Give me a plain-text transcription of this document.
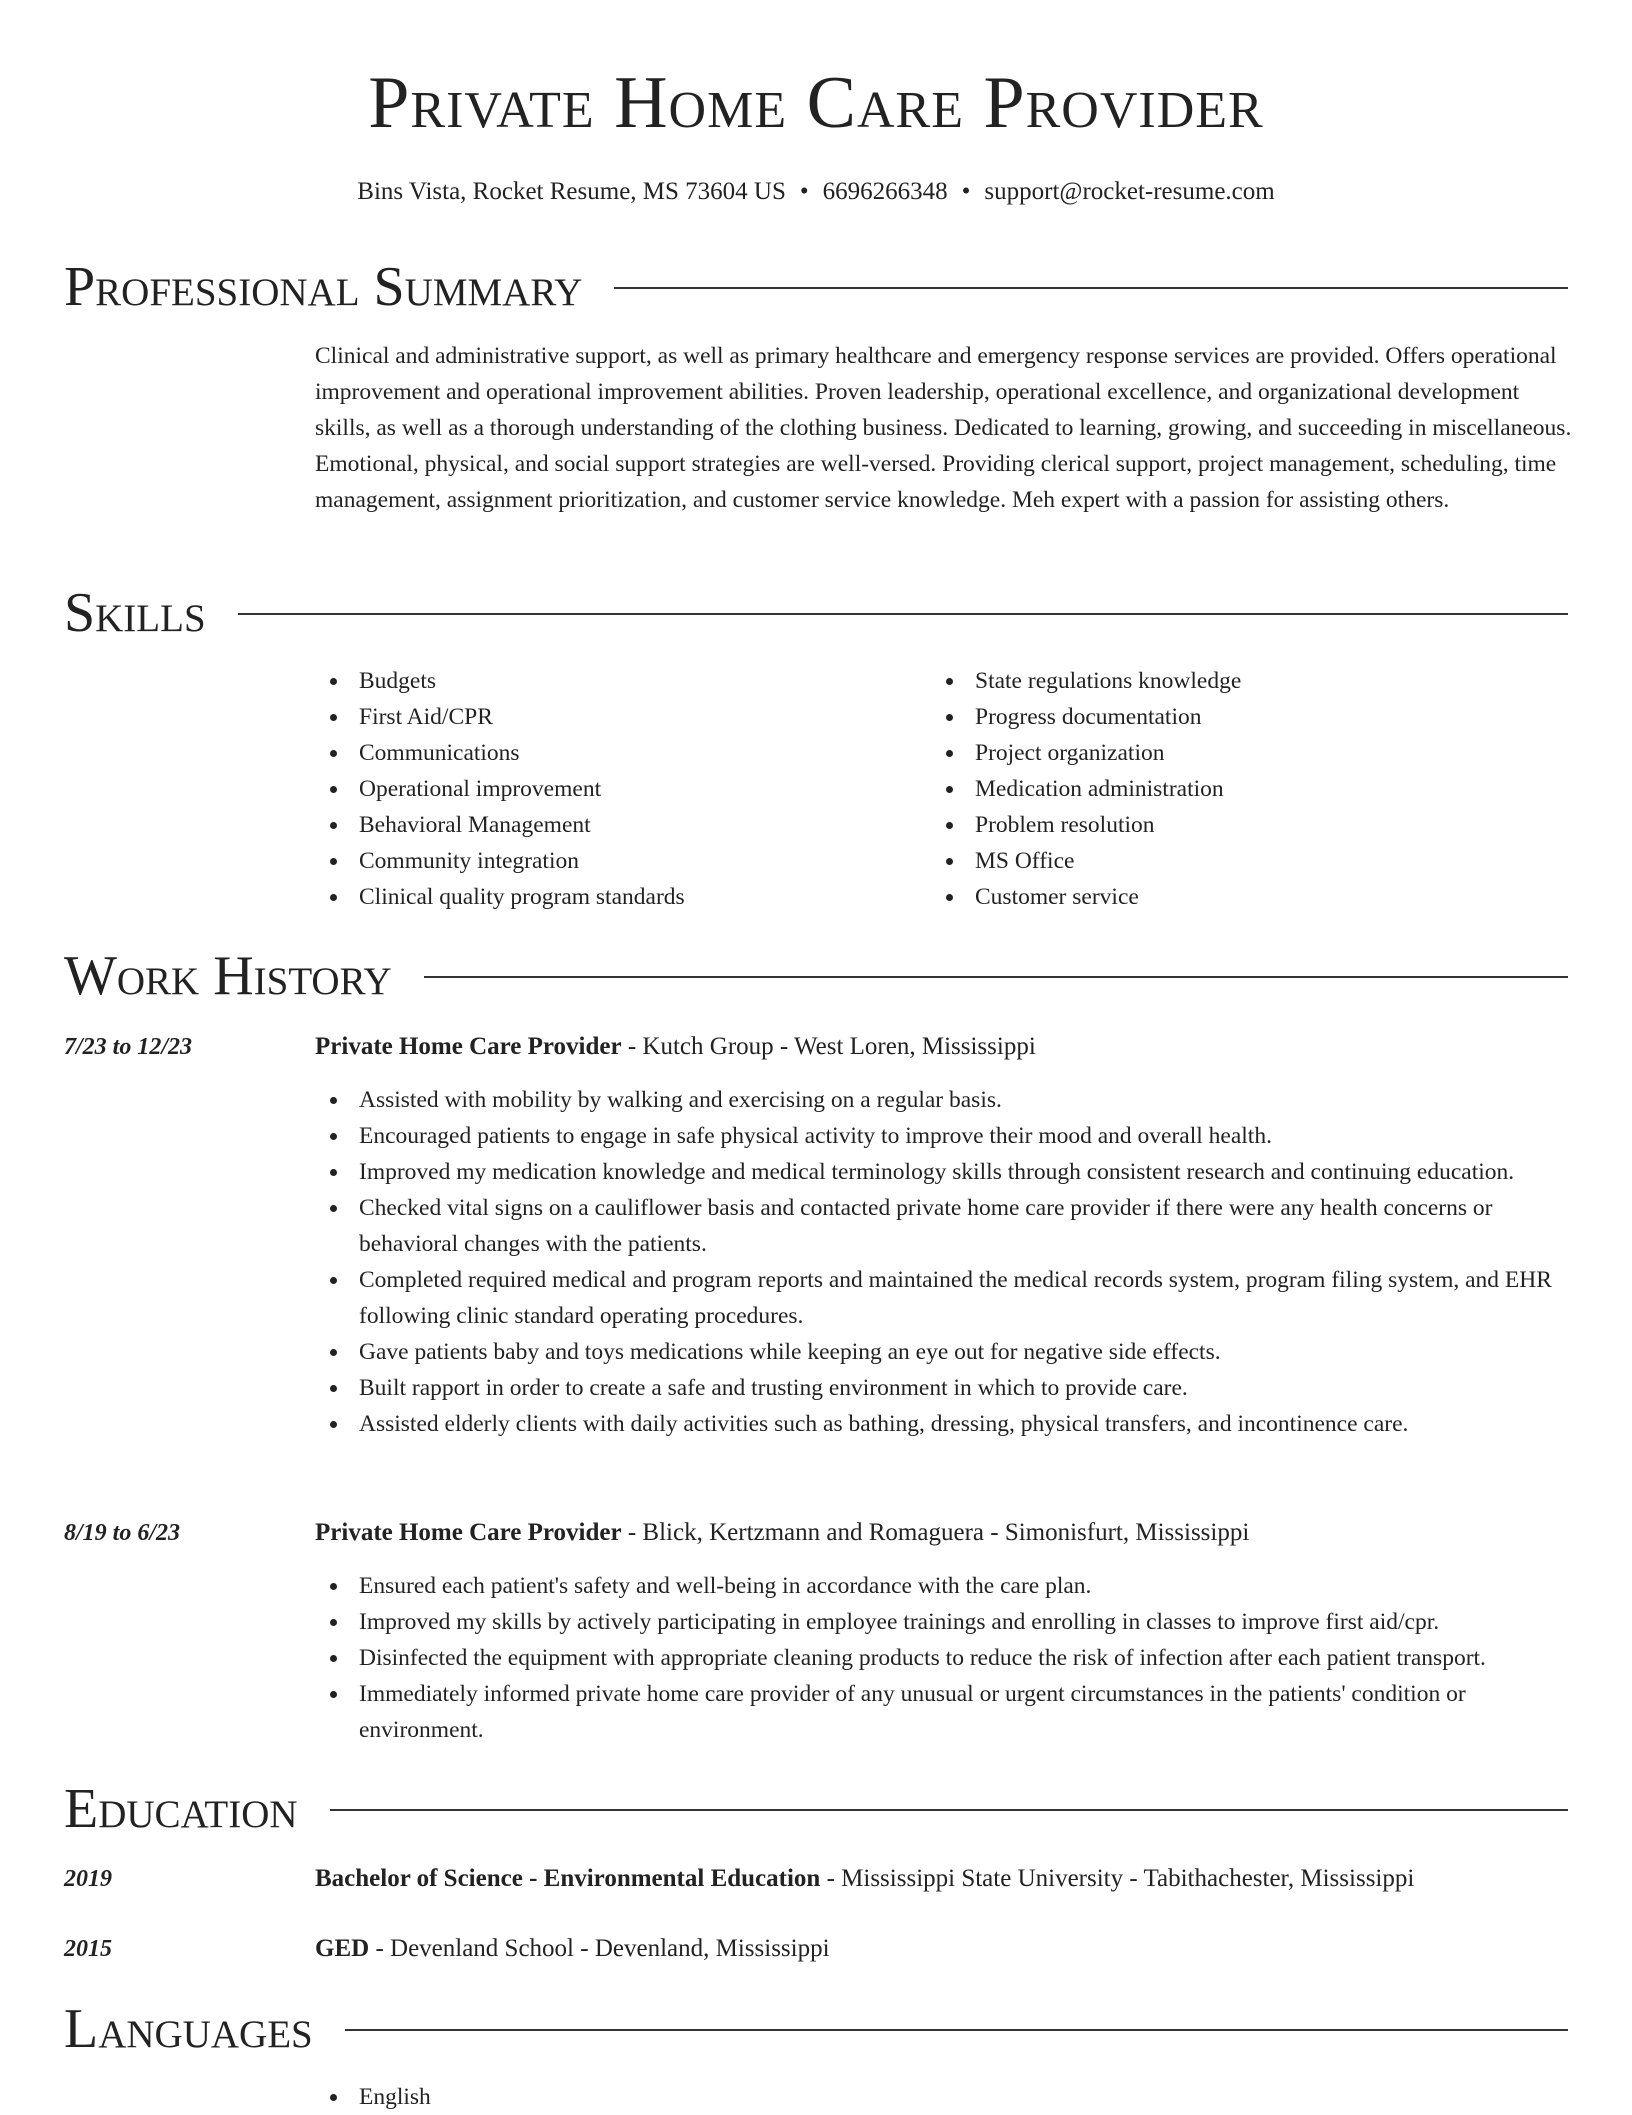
Private Home Care Provider
Bins Vista, Rocket Resume, MS 73604 US • 6696266348 • support@rocket-resume.com
Professional Summary

Clinical and administrative support, as well as primary healthcare and emergency response services are provided. Offers operational improvement and operational improvement abilities. Proven leadership, operational excellence, and organizational development skills, as well as a thorough understanding of the clothing business. Dedicated to learning, growing, and succeeding in miscellaneous. Emotional, physical, and social support strategies are well-versed. Providing clerical support, project management, scheduling, time management, assignment prioritization, and customer service knowledge. Meh expert with a passion for assisting others.

Skills
Budgets
First Aid/CPR
Communications
Operational improvement
Behavioral Management
Community integration
Clinical quality program standards
State regulations knowledge
Progress documentation
Project organization
Medication administration
Problem resolution
MS Office
Customer service
Work History
7/23 to 12/23	Private Home Care Provider - Kutch Group - West Loren, Mississippi
Assisted with mobility by walking and exercising on a regular basis.
Encouraged patients to engage in safe physical activity to improve their mood and overall health.
Improved my medication knowledge and medical terminology skills through consistent research and continuing education.
Checked vital signs on a cauliflower basis and contacted private home care provider if there were any health concerns or behavioral changes with the patients.
Completed required medical and program reports and maintained the medical records system, program filing system, and EHR following clinic standard operating procedures.
Gave patients baby and toys medications while keeping an eye out for negative side effects.
Built rapport in order to create a safe and trusting environment in which to provide care.
Assisted elderly clients with daily activities such as bathing, dressing, physical transfers, and incontinence care.
8/19 to 6/23	Private Home Care Provider - Blick, Kertzmann and Romaguera - Simonisfurt, Mississippi
Ensured each patient's safety and well-being in accordance with the care plan.
Improved my skills by actively participating in employee trainings and enrolling in classes to improve first aid/cpr.
Disinfected the equipment with appropriate cleaning products to reduce the risk of infection after each patient transport.
Immediately informed private home care provider of any unusual or urgent circumstances in the patients' condition or environment.
Education
2019	Bachelor of Science - Environmental Education - Mississippi State University - Tabithachester, Mississippi
2015	GED - Devenland School - Devenland, Mississippi
Languages
English
